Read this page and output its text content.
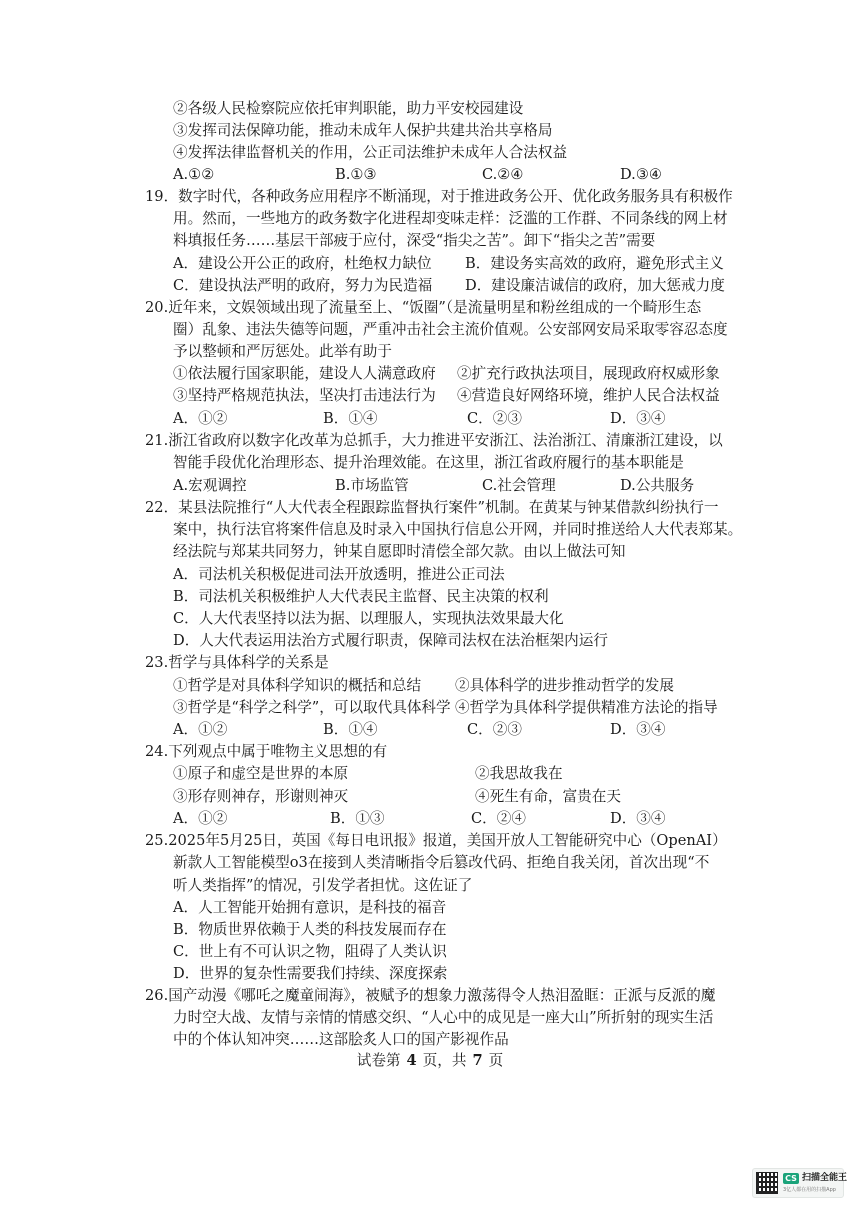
②各级人民检察院应依托审判职能，助力平安校园建设
③发挥司法保障功能，推动未成年人保护共建共治共享格局
④发挥法律监督机关的作用，公正司法维护未成年人合法权益
A.①②	B.①③	C.②④	D.③④
19．数字时代，各种政务应用程序不断涌现，对于推进政务公开、优化政务服务具有积极作
用。然而，一些地方的政务数字化进程却变味走样：泛滥的工作群、不同条线的网上材
料填报任务……基层干部疲于应付，深受“指尖之苦”。卸下“指尖之苦”需要
A．建设公开公正的政府，杜绝权力缺位 B．建设务实高效的政府，避免形式主义
C．建设执法严明的政府，努力为民造福 D．建设廉洁诚信的政府，加大惩戒力度
20.近年来，文娱领域出现了流量至上、“饭圈”（是流量明星和粉丝组成的一个畸形生态
圈）乱象、违法失德等问题，严重冲击社会主流价值观。公安部网安局采取零容忍态度
予以整顿和严厉惩处。此举有助于
①依法履行国家职能，建设人人满意政府 ②扩充行政执法项目，展现政府权威形象
③坚持严格规范执法，坚决打击违法行为 ④营造良好网络环境，维护人民合法权益
A．①②	B．①④	C．②③	D．③④
21.浙江省政府以数字化改革为总抓手，大力推进平安浙江、法治浙江、清廉浙江建设，以
智能手段优化治理形态、提升治理效能。在这里，浙江省政府履行的基本职能是
A.宏观调控	B.市场监管	C.社会管理	D.公共服务
22．某县法院推行“人大代表全程跟踪监督执行案件”机制。在黄某与钟某借款纠纷执行一
案中，执行法官将案件信息及时录入中国执行信息公开网，并同时推送给人大代表郑某。
经法院与郑某共同努力，钟某自愿即时清偿全部欠款。由以上做法可知
A．司法机关积极促进司法开放透明，推进公正司法
B．司法机关积极维护人大代表民主监督、民主决策的权利
C．人大代表坚持以法为据、以理服人，实现执法效果最大化
D．人大代表运用法治方式履行职责，保障司法权在法治框架内运行
23.哲学与具体科学的关系是
①哲学是对具体科学知识的概括和总结 ②具体科学的进步推动哲学的发展
③哲学是“科学之科学”，可以取代具体科学 ④哲学为具体科学提供精准方法论的指导
A．①②	B．①④	C．②③	D．③④
24.下列观点中属于唯物主义思想的有
①原子和虚空是世界的本原	②我思故我在
③形存则神存，形谢则神灭	④死生有命，富贵在天
A．①②	B．①③	C．②④	D．③④
25.2025年5月25日，英国《每日电讯报》报道，美国开放人工智能研究中心（OpenAI）
新款人工智能模型o3在接到人类清晰指令后篡改代码、拒绝自我关闭，首次出现“不
听人类指挥”的情况，引发学者担忧。这佐证了
A．人工智能开始拥有意识，是科技的福音
B．物质世界依赖于人类的科技发展而存在
C．世上有不可认识之物，阻碍了人类认识
D．世界的复杂性需要我们持续、深度探索
26.国产动漫《哪吒之魔童闹海》，被赋予的想象力激荡得令人热泪盈眶：正派与反派的魔
力时空大战、友情与亲情的情感交织、“人心中的成见是一座大山”所折射的现实生活
中的个体认知冲突……这部脍炙人口的国产影视作品
试卷第 4 页，共 7 页
CS 扫描全能王
3亿人都在用的扫描App
